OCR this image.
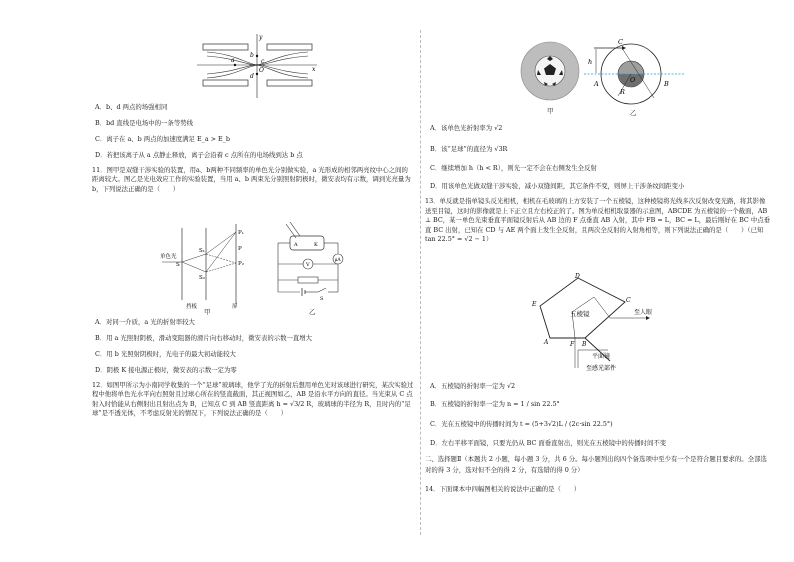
y
x
a
b
c
d
O
A．b、d 两点的场强相同
B．bd 直线是电场中的一条等势线
C．离子在 a、b 两点的加速度满足 E_a > E_b
D．若把该离子从 a 点静止释放，离子会沿着 c 点所在的电场线到达 b 点
11．图甲是双缝干涉实验的装置，用a、b两种不同频率的单色光分别做实验，a 光形成的相邻两亮纹中心之间的距离较大。图乙是光电效应工作的实验装置，当用 a、b 两束光分别照射阴极时，微安表均有示数，调到光亮量为 b，下列说法正确的是（　　）
单色光
S
S₁
S₂
P₁
P
P₂
挡板	屏
甲
A	K
μA
V
S
乙
A．对同一介质，a 光的折射率较大
B．用 a 光照射阴极，滑动变阻器的滑片向右移动时，微安表的示数一直增大
C．用 b 光照射阴极时，光电子的最大初动能较大
D．阴极 K 接电源正极时，微安表的示数一定为零
12．如图甲所示为小南同学收集的一个“足球”玻璃球，他学了光的折射后想用单色光对该球进行研究，某次实验过程中他将单色光水平向右照射且过球心所在的竖直截面，其正视图如乙，AB 是沿水平方向的直径。当光束从 C 点射入时恰能从右侧射出且射出点为 B，已知点 C 到 AB 竖直距离 h = √3/2 R，玻璃球的半径为 R，且时内的“足球”是不透光体，不考虑反射光的情况下，下列说法正确的是（　　）
甲
C
h
A	O	B
R
乙
A．该单色光折射率为 √2
B．该“足球”的直径为 √3R
C．继续增加 h（h < R），则光一定不会在右侧发生全反射
D．用该单色光做双缝干涉实验，减小双缝间距，其它条件不变，则屏上干涉条纹间距变小
13．单反就是指单镜头反光相机，相机在毛玻璃的上方安装了一个五棱镜，这种棱镜将光线多次反射改变光路，将其影像送至目镜，这时的影像就是上下正立且左右校正的了。图为单反相机取景器的示意图，ABCDE 为五棱镜的一个截面，AB ⊥ BC，某一单色光束垂直平面镜反射后从 AB 边的 F 点垂直 AB 入射，其中 FB = L，BC = L，最后刚好在 BC 中点垂直 BC 出射，已知在 CD 与 AE 两个面上发生全反射，且两次全反射的入射角相等，则下列说法正确的是（　　）（已知 tan 22.5° = √2 − 1）
A	B
C
D
E
F
五棱镜	至人眼
平面镜
至感光部件
A．五棱镜的折射率一定为 √2
B．五棱镜的折射率一定为 n = 1 / sin 22.5°
C．光在五棱镜中的传播时间为 t = (5+3√2)L / (2c·sin 22.5°)
D．左右平移平面镜，只要光仍从 BC 面垂直射出，则光在五棱镜中的传播时间不变
二、选择题Ⅱ（本题共 2 小题，每小题 3 分，共 6 分。每小题列出的四个备选项中至少有一个是符合题目要求的。全部选对的得 3 分，选对但不全的得 2 分，有选错的得 0 分）
14．下面课本中四幅图相关的说法中正确的是（　　）
